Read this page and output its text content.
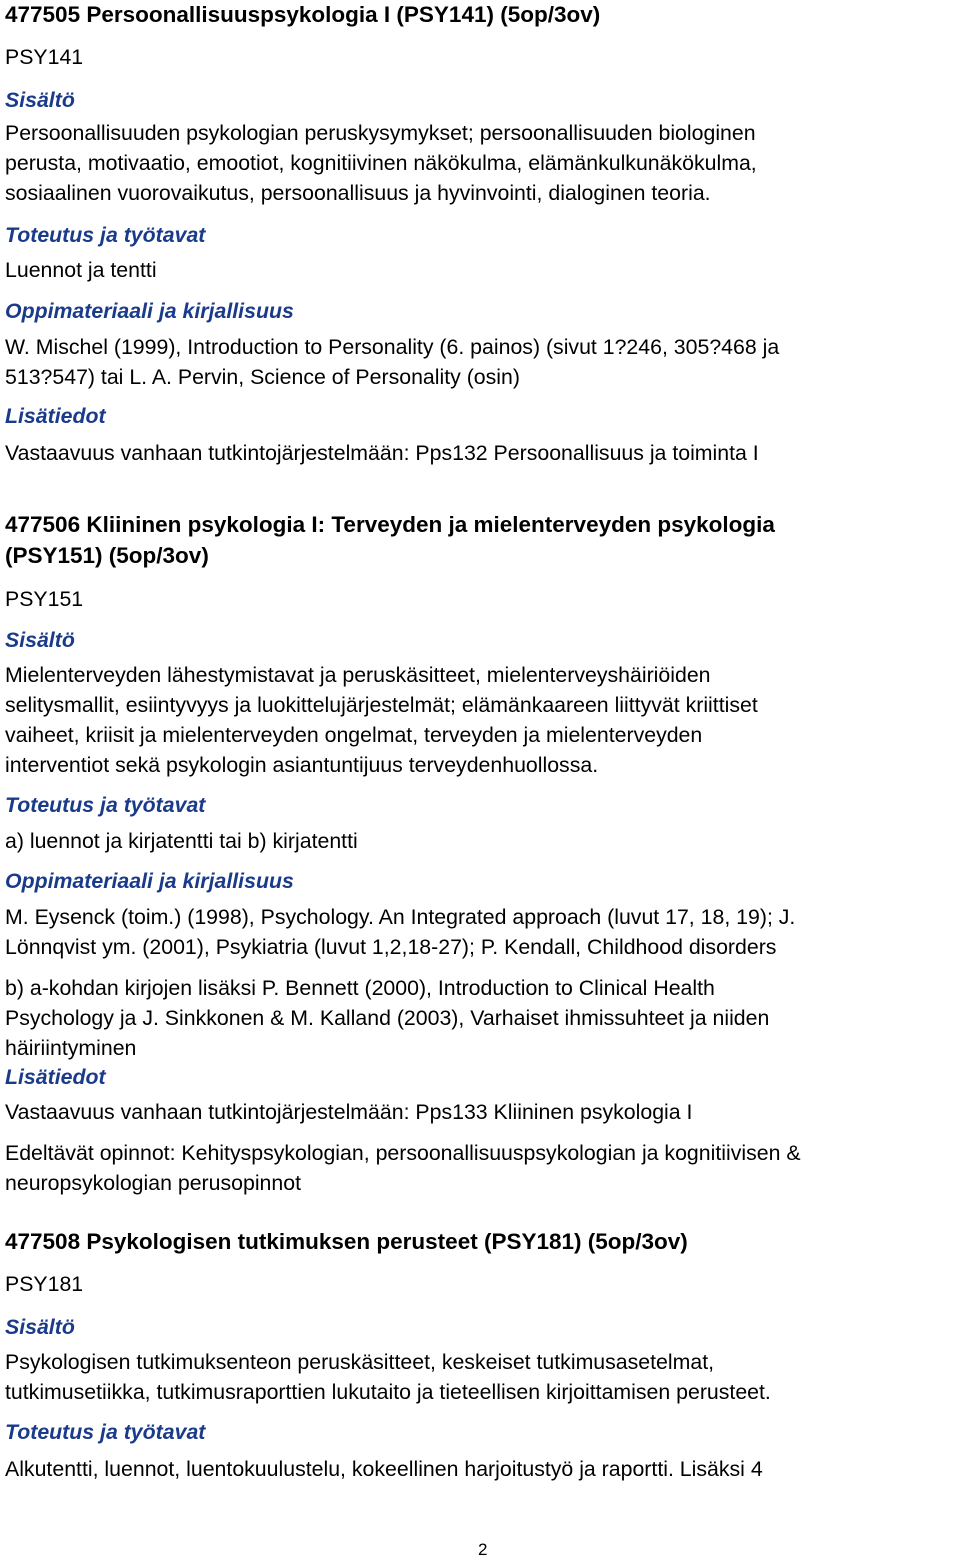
477505 Persoonallisuuspsykologia I (PSY141) (5op/3ov)
PSY141
Sisältö
Persoonallisuuden psykologian peruskysymykset; persoonallisuuden biologinen
perusta, motivaatio, emootiot, kognitiivinen näkökulma, elämänkulkunäkökulma,
sosiaalinen vuorovaikutus, persoonallisuus ja hyvinvointi, dialoginen teoria.
Toteutus ja työtavat
Luennot ja tentti
Oppimateriaali ja kirjallisuus
W. Mischel (1999), Introduction to Personality (6. painos) (sivut 1?246, 305?468 ja
513?547) tai L. A. Pervin, Science of Personality (osin)
Lisätiedot
Vastaavuus vanhaan tutkintojärjestelmään: Pps132 Persoonallisuus ja toiminta I
477506 Kliininen psykologia I: Terveyden ja mielenterveyden psykologia
(PSY151) (5op/3ov)
PSY151
Sisältö
Mielenterveyden lähestymistavat ja peruskäsitteet, mielenterveyshäiriöiden
selitysmallit, esiintyvyys ja luokittelujärjestelmät; elämänkaareen liittyvät kriittiset
vaiheet, kriisit ja mielenterveyden ongelmat, terveyden ja mielenterveyden
interventiot sekä psykologin asiantuntijuus terveydenhuollossa.
Toteutus ja työtavat
a) luennot ja kirjatentti tai b) kirjatentti
Oppimateriaali ja kirjallisuus
M. Eysenck (toim.) (1998), Psychology. An Integrated approach (luvut 17, 18, 19); J.
Lönnqvist ym. (2001), Psykiatria (luvut 1,2,18-27); P. Kendall, Childhood disorders
b) a-kohdan kirjojen lisäksi P. Bennett (2000), Introduction to Clinical Health
Psychology ja J. Sinkkonen & M. Kalland (2003), Varhaiset ihmissuhteet ja niiden
häiriintyminen
Lisätiedot
Vastaavuus vanhaan tutkintojärjestelmään: Pps133 Kliininen psykologia I
Edeltävät opinnot: Kehityspsykologian, persoonallisuuspsykologian ja kognitiivisen &
neuropsykologian perusopinnot
477508 Psykologisen tutkimuksen perusteet (PSY181) (5op/3ov)
PSY181
Sisältö
Psykologisen tutkimuksenteon peruskäsitteet, keskeiset tutkimusasetelmat,
tutkimusetiikka, tutkimusraporttien lukutaito ja tieteellisen kirjoittamisen perusteet.
Toteutus ja työtavat
Alkutentti, luennot, luentokuulustelu, kokeellinen harjoitustyö ja raportti. Lisäksi 4
2
